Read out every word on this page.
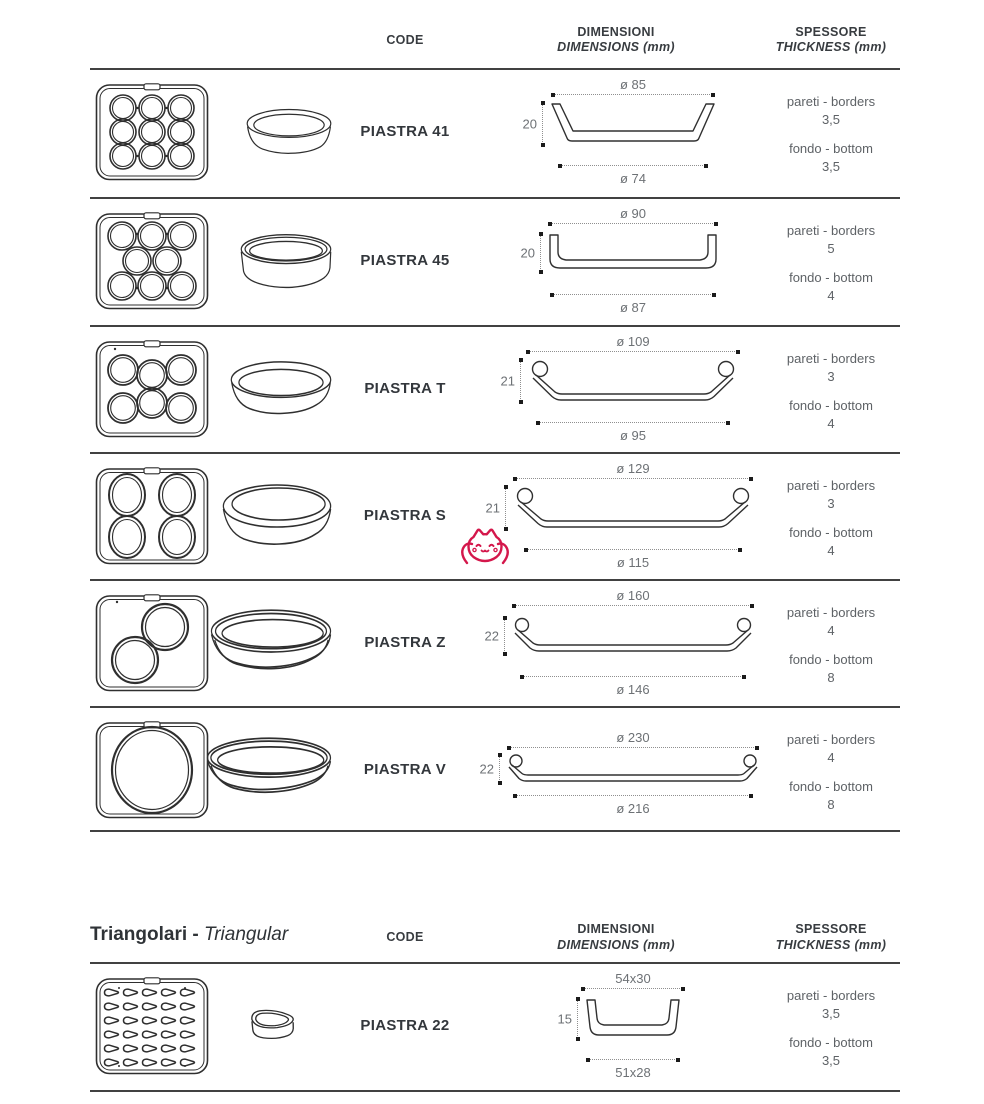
CODE
DIMENSIONI
DIMENSIONS (mm)
SPESSORE
THICKNESS (mm)
PIASTRA 41
ø 85
20
ø 74
pareti - borders
3,5
fondo - bottom
3,5
PIASTRA 45
ø 90
20
ø 87
pareti - borders
5
fondo - bottom
4
PIASTRA T
ø 109
21
ø 95
pareti - borders
3
fondo - bottom
4
PIASTRA S
ø 129
21
ø 115
pareti - borders
3
fondo - bottom
4
PIASTRA Z
ø 160
22
ø 146
pareti - borders
4
fondo - bottom
8
PIASTRA V
ø 230
22
ø 216
pareti - borders
4
fondo - bottom
8
Triangolari - Triangular	CODE
DIMENSIONI
DIMENSIONS (mm)
SPESSORE
THICKNESS (mm)
PIASTRA 22
54x30
15
51x28
pareti - borders
3,5
fondo - bottom
3,5
